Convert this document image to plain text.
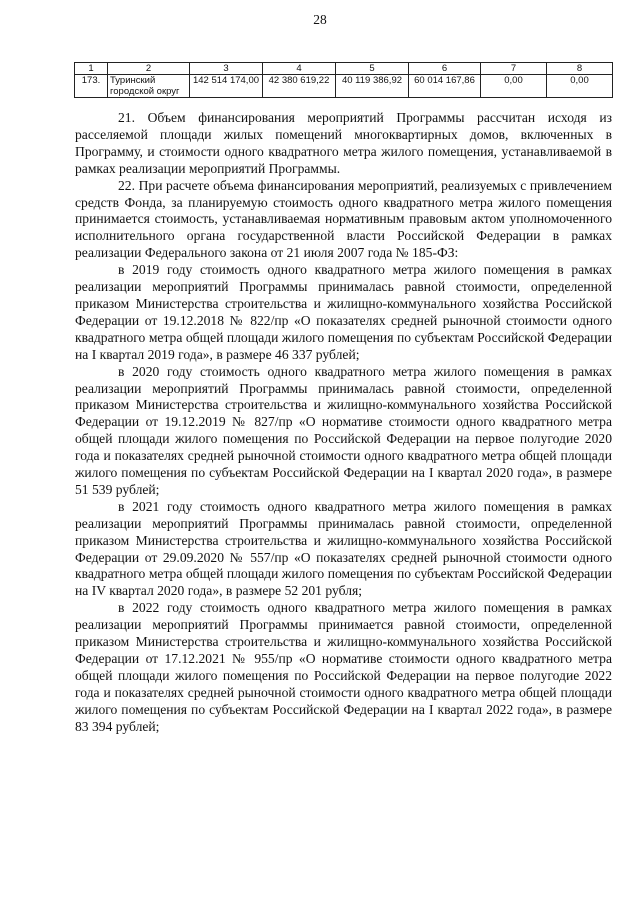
28
1	2	3	4	5	6	7	8
173.	Туринский городской округ	142 514 174,00	42 380 619,22	40 119 386,92	60 014 167,86	0,00	0,00

21. Объем финансирования мероприятий Программы рассчитан исходя из расселяемой площади жилых помещений многоквартирных домов, включенных в Программу, и стоимости одного квадратного метра жилого помещения, устанавливаемой в рамках реализации мероприятий Программы.

22. При расчете объема финансирования мероприятий, реализуемых с привлечением средств Фонда, за планируемую стоимость одного квадратного метра жилого помещения принимается стоимость, устанавливаемая нормативным правовым актом уполномоченного исполнительного органа государственной власти Российской Федерации в рамках реализации Федерального закона от 21 июля 2007 года № 185-ФЗ:

в 2019 году стоимость одного квадратного метра жилого помещения в рамках реализации мероприятий Программы принималась равной стоимости, определенной приказом Министерства строительства и жилищно-коммунального хозяйства Российской Федерации от 19.12.2018 № 822/пр «О показателях средней рыночной стоимости одного квадратного метра общей площади жилого помещения по субъектам Российской Федерации на I квартал 2019 года», в размере 46 337 рублей;

в 2020 году стоимость одного квадратного метра жилого помещения в рамках реализации мероприятий Программы принималась равной стоимости, определенной приказом Министерства строительства и жилищно-коммунального хозяйства Российской Федерации от 19.12.2019 № 827/пр «О нормативе стоимости одного квадратного метра общей площади жилого помещения по Российской Федерации на первое полугодие 2020 года и показателях средней рыночной стоимости одного квадратного метра общей площади жилого помещения по субъектам Российской Федерации на I квартал 2020 года», в размере 51 539 рублей;

в 2021 году стоимость одного квадратного метра жилого помещения в рамках реализации мероприятий Программы принималась равной стоимости, определенной приказом Министерства строительства и жилищно-коммунального хозяйства Российской Федерации от 29.09.2020 № 557/пр «О показателях средней рыночной стоимости одного квадратного метра общей площади жилого помещения по субъектам Российской Федерации на IV квартал 2020 года», в размере 52 201 рубля;

в 2022 году стоимость одного квадратного метра жилого помещения в рамках реализации мероприятий Программы принимается равной стоимости, определенной приказом Министерства строительства и жилищно-коммунального хозяйства Российской Федерации от 17.12.2021 № 955/пр «О нормативе стоимости одного квадратного метра общей площади жилого помещения по Российской Федерации на первое полугодие 2022 года и показателях средней рыночной стоимости одного квадратного метра общей площади жилого помещения по субъектам Российской Федерации на I квартал 2022 года», в размере 83 394 рублей;
